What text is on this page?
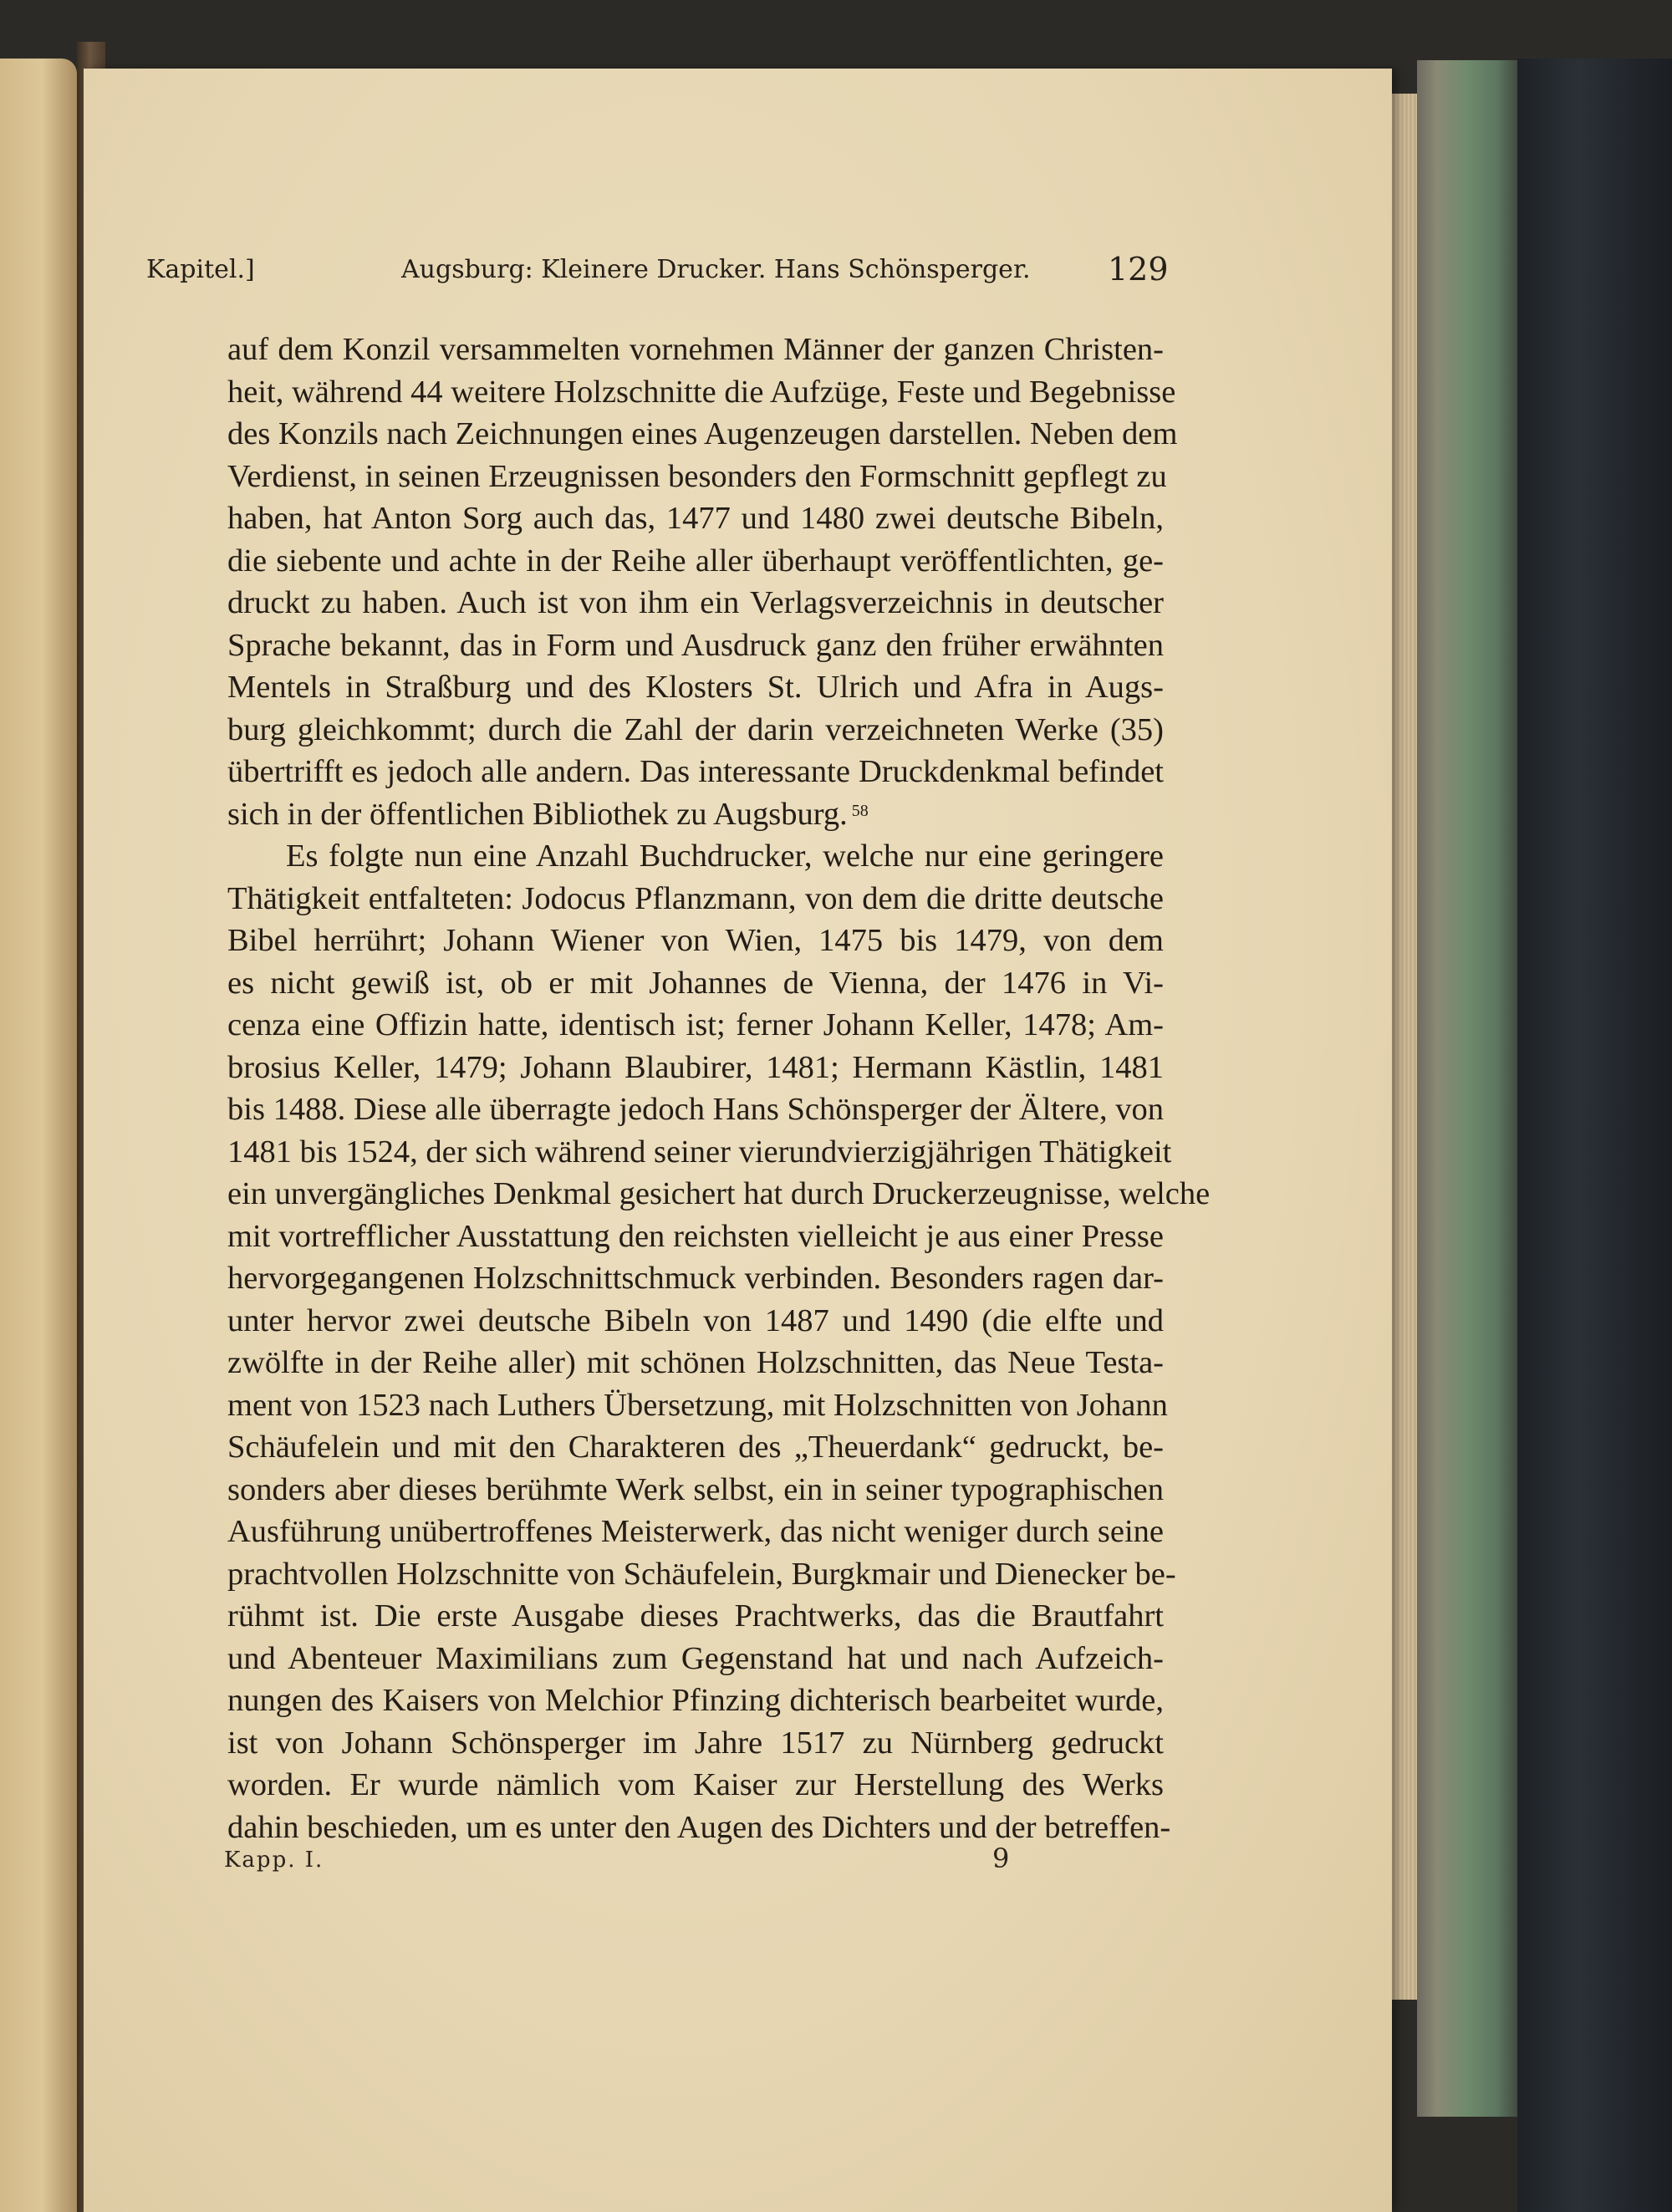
Kapitel.]	Augsburg: Kleinere Drucker. Hans Schönsperger. 129
auf dem Konzil versammelten vornehmen Männer der ganzen Christen-
heit, während 44 weitere Holzschnitte die Aufzüge, Feste und Begebnisse
des Konzils nach Zeichnungen eines Augenzeugen darstellen. Neben dem
Verdienst, in seinen Erzeugnissen besonders den Formschnitt gepflegt zu
haben, hat Anton Sorg auch das, 1477 und 1480 zwei deutsche Bibeln,
die siebente und achte in der Reihe aller überhaupt veröffentlichten, ge-
druckt zu haben. Auch ist von ihm ein Verlagsverzeichnis in deutscher
Sprache bekannt, das in Form und Ausdruck ganz den früher erwähnten
Mentels in Straßburg und des Klosters St. Ulrich und Afra in Augs-
burg gleichkommt; durch die Zahl der darin verzeichneten Werke (35)
übertrifft es jedoch alle andern. Das interessante Druckdenkmal befindet
sich in der öffentlichen Bibliothek zu Augsburg. $^{58}$
Es folgte nun eine Anzahl Buchdrucker, welche nur eine geringere
Thätigkeit entfalteten: Jodocus Pflanzmann, von dem die dritte deutsche
Bibel herrührt; Johann Wiener von Wien, 1475 bis 1479, von dem
es nicht gewiß ist, ob er mit Johannes de Vienna, der 1476 in Vi-
cenza eine Offizin hatte, identisch ist; ferner Johann Keller, 1478; Am-
brosius Keller, 1479; Johann Blaubirer, 1481; Hermann Kästlin, 1481
bis 1488. Diese alle überragte jedoch Hans Schönsperger der Ältere, von
1481 bis 1524, der sich während seiner vierundvierzigjährigen Thätigkeit
ein unvergängliches Denkmal gesichert hat durch Druckerzeugnisse, welche
mit vortrefflicher Ausstattung den reichsten vielleicht je aus einer Presse
hervorgegangenen Holzschnittschmuck verbinden. Besonders ragen dar-
unter hervor zwei deutsche Bibeln von 1487 und 1490 (die elfte und
zwölfte in der Reihe aller) mit schönen Holzschnitten, das Neue Testa-
ment von 1523 nach Luthers Übersetzung, mit Holzschnitten von Johann
Schäufelein und mit den Charakteren des „Theuerdank“ gedruckt, be-
sonders aber dieses berühmte Werk selbst, ein in seiner typographischen
Ausführung unübertroffenes Meisterwerk, das nicht weniger durch seine
prachtvollen Holzschnitte von Schäufelein, Burgkmair und Dienecker be-
rühmt ist. Die erste Ausgabe dieses Prachtwerks, das die Brautfahrt
und Abenteuer Maximilians zum Gegenstand hat und nach Aufzeich-
nungen des Kaisers von Melchior Pfinzing dichterisch bearbeitet wurde,
ist von Johann Schönsperger im Jahre 1517 zu Nürnberg gedruckt
worden. Er wurde nämlich vom Kaiser zur Herstellung des Werks
dahin beschieden, um es unter den Augen des Dichters und der betreffen-
Kapp. I.	9
